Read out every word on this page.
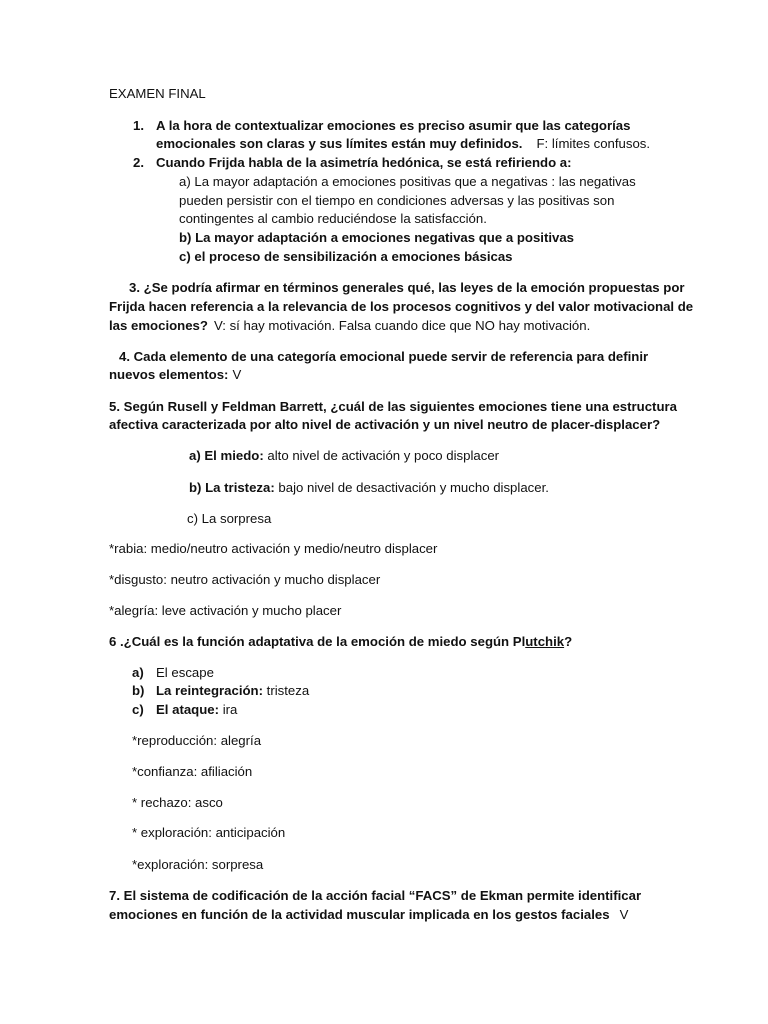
EXAMEN FINAL
1. A la hora de contextualizar emociones es preciso asumir que las categorías
emocionales son claras y sus límites están muy definidos. F: límites confusos.
2. Cuando Frijda habla de la asimetría hedónica, se está refiriendo a:
a) La mayor adaptación a emociones positivas que a negativas : las negativas
pueden persistir con el tiempo en condiciones adversas y las positivas son
contingentes al cambio reduciéndose la satisfacción.
b) La mayor adaptación a emociones negativas que a positivas
c) el proceso de sensibilización a emociones básicas
3. ¿Se podría afirmar en términos generales qué, las leyes de la emoción propuestas por
Frijda hacen referencia a la relevancia de los procesos cognitivos y del valor motivacional de
las emociones? V: sí hay motivación. Falsa cuando dice que NO hay motivación.
4. Cada elemento de una categoría emocional puede servir de referencia para definir
nuevos elementos: V
5. Según Rusell y Feldman Barrett, ¿cuál de las siguientes emociones tiene una estructura
afectiva caracterizada por alto nivel de activación y un nivel neutro de placer-displacer?
a) El miedo: alto nivel de activación y poco displacer
b) La tristeza: bajo nivel de desactivación y mucho displacer.
c) La sorpresa
*rabia: medio/neutro activación y medio/neutro displacer
*disgusto: neutro activación y mucho displacer
*alegría: leve activación y mucho placer
6 .¿Cuál es la función adaptativa de la emoción de miedo según Plutchik?
a) El escape
b) La reintegración: tristeza
c) El ataque: ira
*reproducción: alegría
*confianza: afiliación
* rechazo: asco
* exploración: anticipación
*exploración: sorpresa
7. El sistema de codificación de la acción facial “FACS” de Ekman permite identificar
emociones en función de la actividad muscular implicada en los gestos faciales V
